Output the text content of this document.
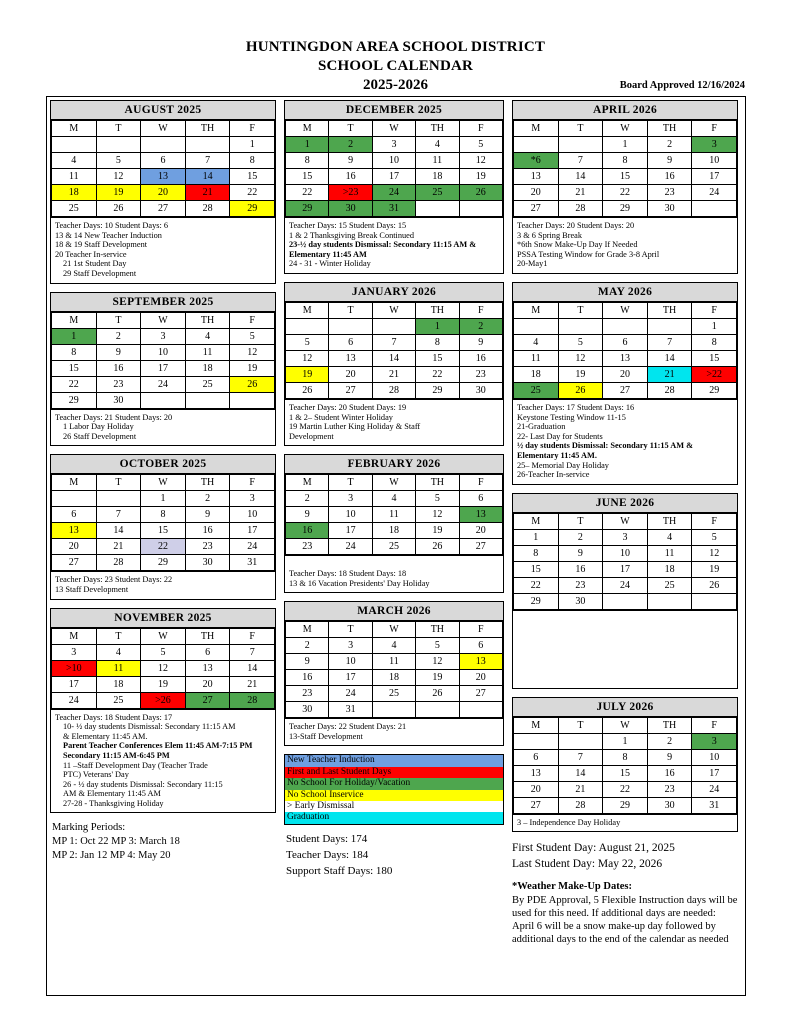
HUNTINGDON AREA SCHOOL DISTRICT
SCHOOL CALENDAR
2025-2026	Board Approved 12/16/2024
AUGUST 2025
M	T	W	TH	F
				1
4	5	6	7	8
11	12	13	14	15
18	19	20	21	22
25	26	27	28	29
Teacher Days: 10 Student Days: 6
13 & 14 New Teacher Induction
18 & 19 Staff Development
20 Teacher In-service
21 1st Student Day
29 Staff Development
SEPTEMBER 2025
M	T	W	TH	F
1	2	3	4	5
8	9	10	11	12
15	16	17	18	19
22	23	24	25	26
29	30			
Teacher Days: 21 Student Days: 20
1 Labor Day Holiday
26 Staff Development
OCTOBER 2025
M	T	W	TH	F
		1	2	3
6	7	8	9	10
13	14	15	16	17
20	21	22	23	24
27	28	29	30	31
Teacher Days: 23 Student Days: 22
13 Staff Development
NOVEMBER 2025
M	T	W	TH	F
3	4	5	6	7
>10	11	12	13	14
17	18	19	20	21
24	25	>26	27	28
Teacher Days: 18 Student Days: 17
10- ½ day students Dismissal: Secondary 11:15 AM
& Elementary 11:45 AM.
Parent Teacher Conferences Elem 11:45 AM-7:15 PM
Secondary 11:15 AM-6:45 PM
11 –Staff Development Day (Teacher Trade
PTC) Veterans' Day
26 - ½ day students Dismissal: Secondary 11:15
AM & Elementary 11:45 AM
27-28 - Thanksgiving Holiday
Marking Periods:
MP 1: Oct 22 MP 3: March 18
MP 2: Jan 12 MP 4: May 20
DECEMBER 2025
M	T	W	TH	F
1	2	3	4	5
8	9	10	11	12
15	16	17	18	19
22	>23	24	25	26
29	30	31		
Teacher Days: 15 Student Days: 15
1 & 2 Thanksgiving Break Continued
23-½ day students Dismissal: Secondary 11:15 AM &
Elementary 11:45 AM
24 - 31 - Winter Holiday
JANUARY 2026
M	T	W	TH	F
			1	2
5	6	7	8	9
12	13	14	15	16
19	20	21	22	23
26	27	28	29	30
Teacher Days: 20 Student Days: 19
1 & 2– Student Winter Holiday
19 Martin Luther King Holiday & Staff
Development
FEBRUARY 2026
M	T	W	TH	F
2	3	4	5	6
9	10	11	12	13
16	17	18	19	20
23	24	25	26	27

Teacher Days: 18 Student Days: 18
13 & 16 Vacation Presidents' Day Holiday
MARCH 2026
M	T	W	TH	F
2	3	4	5	6
9	10	11	12	13
16	17	18	19	20
23	24	25	26	27
30	31			
Teacher Days: 22 Student Days: 21
13-Staff Development
New Teacher Induction
First and Last Student Days
No School For Holiday/Vacation
No School Inservice
> Early Dismissal
Graduation
Student Days: 174
Teacher Days: 184
Support Staff Days: 180
APRIL 2026
M	T	W	TH	F
		1	2	3
*6	7	8	9	10
13	14	15	16	17
20	21	22	23	24
27	28	29	30	
Teacher Days: 20 Student Days: 20
3 & 6 Spring Break
*6th Snow Make-Up Day If Needed
PSSA Testing Window for Grade 3-8 April
20-May1
MAY 2026
M	T	W	TH	F
				1
4	5	6	7	8
11	12	13	14	15
18	19	20	21	>22
25	26	27	28	29
Teacher Days: 17 Student Days: 16
Keystone Testing Window 11-15
21-Graduation
22- Last Day for Students
½ day students Dismissal: Secondary 11:15 AM &
Elementary 11:45 AM.
25– Memorial Day Holiday
26-Teacher In-service
JUNE 2026
M	T	W	TH	F
1	2	3	4	5
8	9	10	11	12
15	16	17	18	19
22	23	24	25	26
29	30			
JULY 2026
M	T	W	TH	F
		1	2	3
6	7	8	9	10
13	14	15	16	17
20	21	22	23	24
27	28	29	30	31
3 – Independence Day Holiday
First Student Day: August 21, 2025
Last Student Day: May 22, 2026
*Weather Make-Up Dates:
By PDE Approval, 5 Flexible Instruction days will be used for this need. If additional days are needed: April 6 will be a snow make-up day followed by additional days to the end of the calendar as needed
